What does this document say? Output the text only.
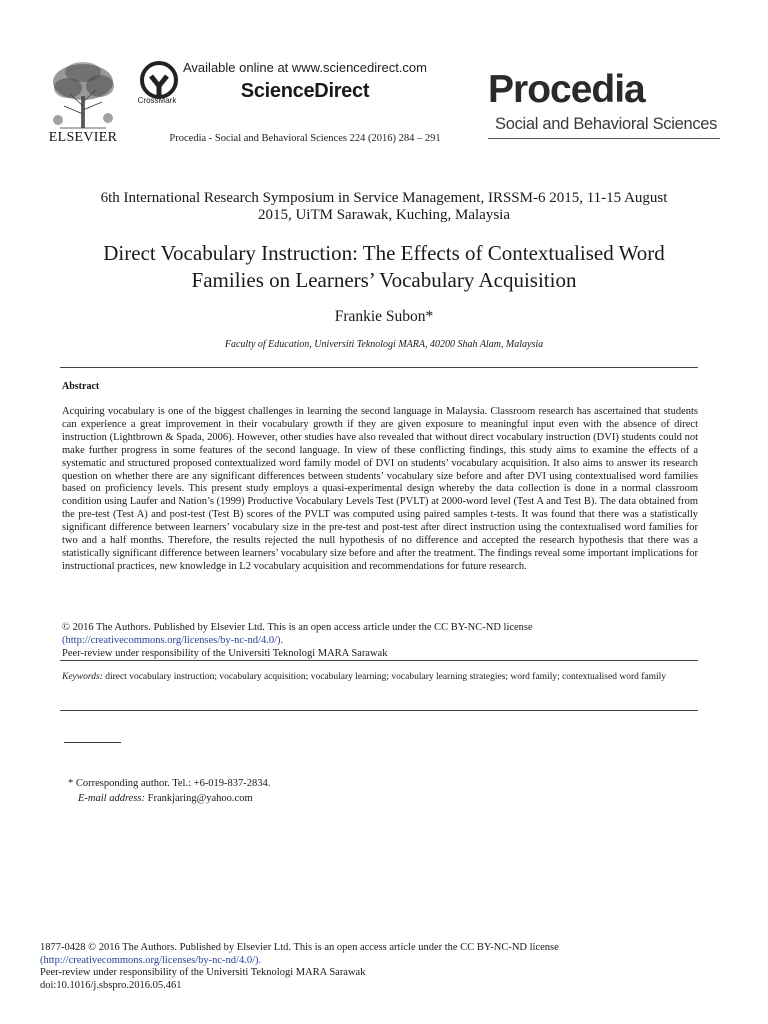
ELSEVIER
CrossMark
Available online at www.sciencedirect.com
ScienceDirect
Procedia - Social and Behavioral Sciences 224 (2016) 284 – 291
Procedia
Social and Behavioral Sciences
6th International Research Symposium in Service Management, IRSSM-6 2015, 11-15 August
2015, UiTM Sarawak, Kuching, Malaysia
Direct Vocabulary Instruction: The Effects of Contextualised Word
Families on Learners’ Vocabulary Acquisition
Frankie Subon*
Faculty of Education, Universiti Teknologi MARA, 40200 Shah Alam, Malaysia
Abstract

Acquiring vocabulary is one of the biggest challenges in learning the second language in Malaysia. Classroom research has ascertained that students can experience a great improvement in their vocabulary growth if they are given exposure to meaningful input even with the absence of direct instruction (Lightbrown & Spada, 2006). However, other studies have also revealed that without direct vocabulary instruction (DVI) students could not make further progress in some features of the second language. In view of these conflicting findings, this study aims to examine the effects of a systematic and structured proposed contextualized word family model of DVI on students’ vocabulary acquisition. It also aims to answer its research question on whether there are any significant differences between students’ vocabulary size before and after DVI using contextualised word families based on proficiency levels. This present study employs a quasi-experimental design whereby the data collection is done in a normal classroom condition using Laufer and Nation’s (1999) Productive Vocabulary Levels Test (PVLT) at 2000-word level (Test A and Test B). The data obtained from the pre-test (Test A) and post-test (Test B) scores of the PVLT was computed using paired samples t-tests. It was found that there was a statistically significant difference between learners’ vocabulary size in the pre-test and post-test after direct instruction using the contextualised word families for two and a half months. Therefore, the results rejected the null hypothesis of no difference and accepted the research hypothesis that there was a statistically significant difference between learners’ vocabulary size before and after the treatment. The findings reveal some important implications for instructional practices, new knowledge in L2 vocabulary acquisition and recommendations for future research.

© 2016 The Authors. Published by Elsevier Ltd. This is an open access article under the CC BY-NC-ND license
(http://creativecommons.org/licenses/by-nc-nd/4.0/).
Peer-review under responsibility of the Universiti Teknologi MARA Sarawak
Keywords: direct vocabulary instruction; vocabulary acquisition; vocabulary learning; vocabulary learning strategies; word family; contextualised word family
* Corresponding author. Tel.: +6-019-837-2834.
E-mail address: Frankjaring@yahoo.com
1877-0428 © 2016 The Authors. Published by Elsevier Ltd. This is an open access article under the CC BY-NC-ND license
(http://creativecommons.org/licenses/by-nc-nd/4.0/).
Peer-review under responsibility of the Universiti Teknologi MARA Sarawak
doi:10.1016/j.sbspro.2016.05.461
